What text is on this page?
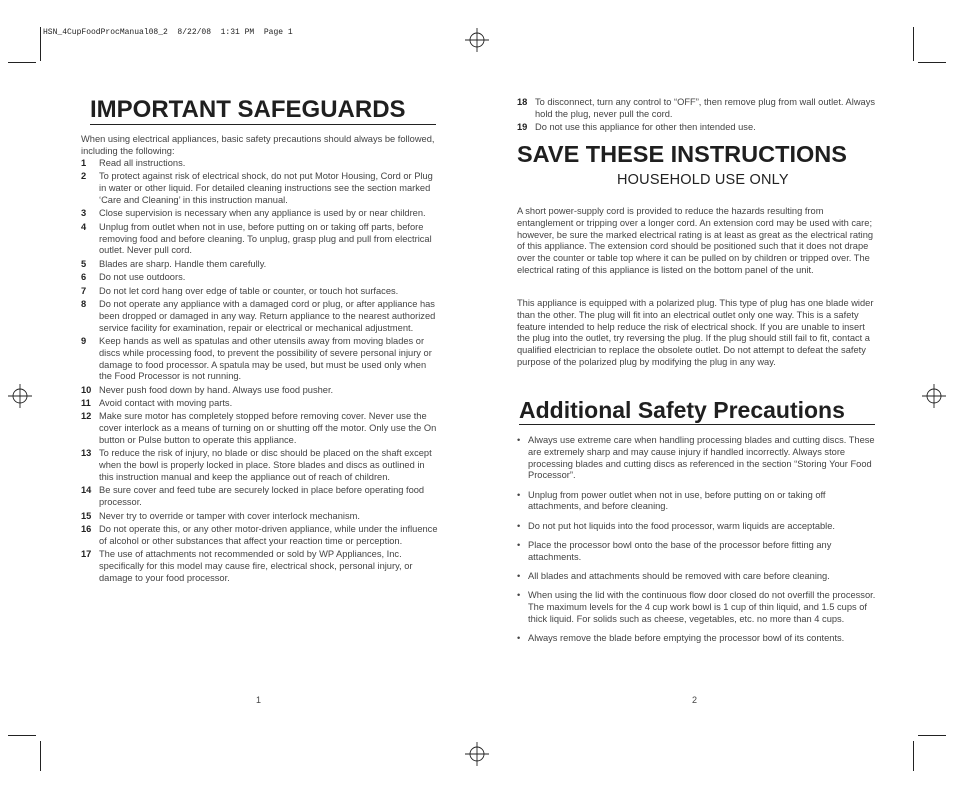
HSN_4CupFoodProcManual08_2  8/22/08  1:31 PM  Page 1
IMPORTANT SAFEGUARDS
When using electrical appliances, basic safety precautions should always be followed, including the following:
1 Read all instructions.
2 To protect against risk of electrical shock, do not put Motor Housing, Cord or Plug in water or other liquid. For detailed cleaning instructions see the section marked ‘Care and Cleaning’ in this instruction manual.
3 Close supervision is necessary when any appliance is used by or near children.
4 Unplug from outlet when not in use, before putting on or taking off parts, before removing food and before cleaning. To unplug, grasp plug and pull from electrical outlet. Never pull cord.
5 Blades are sharp. Handle them carefully.
6 Do not use outdoors.
7 Do not let cord hang over edge of table or counter, or touch hot surfaces.
8 Do not operate any appliance with a damaged cord or plug, or after appliance has been dropped or damaged in any way. Return appliance to the nearest authorized service facility for examination, repair or electrical or mechanical adjustment.
9 Keep hands as well as spatulas and other utensils away from moving blades or discs while processing food, to prevent the possibility of severe personal injury or damage to food processor. A spatula may be used, but must be used only when the Food Processor is not running.
10 Never push food down by hand. Always use food pusher.
11 Avoid contact with moving parts.
12 Make sure motor has completely stopped before removing cover. Never use the cover interlock as a means of turning on or shutting off the motor. Only use the On button or Pulse button to operate this appliance.
13 To reduce the risk of injury, no blade or disc should be placed on the shaft except when the bowl is properly locked in place. Store blades and discs as outlined in this instruction manual and keep the appliance out of reach of children.
14 Be sure cover and feed tube are securely locked in place before operating food processor.
15 Never try to override or tamper with cover interlock mechanism.
16 Do not operate this, or any other motor-driven appliance, while under the influence of alcohol or other substances that affect your reaction time or perception.
17 The use of attachments not recommended or sold by WP Appliances, Inc. specifically for this model may cause fire, electrical shock, personal injury, or damage to your food processor.
1
18 To disconnect, turn any control to “OFF”, then remove plug from wall outlet. Always hold the plug, never pull the cord.
19 Do not use this appliance for other then intended use.
SAVE THESE INSTRUCTIONS
HOUSEHOLD USE ONLY
A short power-supply cord is provided to reduce the hazards resulting from entanglement or tripping over a longer cord. An extension cord may be used with care; however, be sure the marked electrical rating is at least as great as the electrical rating of this appliance. The extension cord should be positioned such that it does not drape over the counter or table top where it can be pulled on by children or tripped over. The electrical rating of this appliance is listed on the bottom panel of the unit.
This appliance is equipped with a polarized plug. This type of plug has one blade wider than the other. The plug will fit into an electrical outlet only one way. This is a safety feature intended to help reduce the risk of electrical shock. If you are unable to insert the plug into the outlet, try reversing the plug. If the plug should still fail to fit, contact a qualified electrician to replace the obsolete outlet. Do not attempt to defeat the safety purpose of the polarized plug by modifying the plug in any way.
Additional Safety Precautions
• Always use extreme care when handling processing blades and cutting discs. These are extremely sharp and may cause injury if handled incorrectly. Always store processing blades and cutting discs as referenced in the section “Storing Your Food Processor”.
• Unplug from power outlet when not in use, before putting on or taking off attachments, and before cleaning.
• Do not put hot liquids into the food processor, warm liquids are acceptable.
• Place the processor bowl onto the base of the processor before fitting any attachments.
• All blades and attachments should be removed with care before cleaning.
• When using the lid with the continuous flow door closed do not overfill the processor. The maximum levels for the 4 cup work bowl is 1 cup of thin liquid, and 1.5 cups of thick liquid. For solids such as cheese, vegetables, etc. no more than 4 cups.
• Always remove the blade before emptying the processor bowl of its contents.
2
